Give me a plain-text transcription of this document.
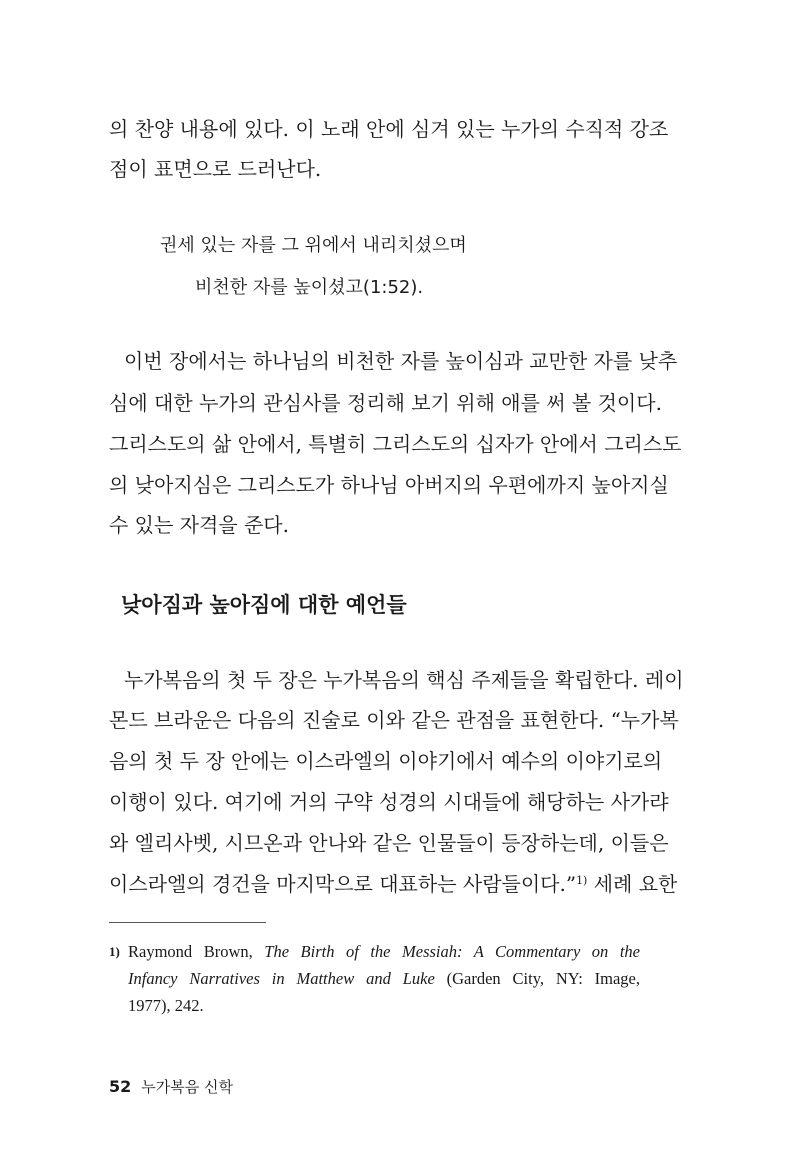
의 찬양 내용에 있다. 이 노래 안에 심겨 있는 누가의 수직적 강조

점이 표면으로 드러난다.

권세 있는 자를 그 위에서 내리치셨으며
비천한 자를 높이셨고(1:52).

이번 장에서는 하나님의 비천한 자를 높이심과 교만한 자를 낮추

심에 대한 누가의 관심사를 정리해 보기 위해 애를 써 볼 것이다.

그리스도의 삶 안에서, 특별히 그리스도의 십자가 안에서 그리스도

의 낮아지심은 그리스도가 하나님 아버지의 우편에까지 높아지실

수 있는 자격을 준다.

낮아짐과 높아짐에 대한 예언들

누가복음의 첫 두 장은 누가복음의 핵심 주제들을 확립한다. 레이

몬드 브라운은 다음의 진술로 이와 같은 관점을 표현한다. “누가복

음의 첫 두 장 안에는 이스라엘의 이야기에서 예수의 이야기로의

이행이 있다. 여기에 거의 구약 성경의 시대들에 해당하는 사가랴

와 엘리사벳, 시므온과 안나와 같은 인물들이 등장하는데, 이들은

이스라엘의 경건을 마지막으로 대표하는 사람들이다.”$^{1)}$ 세례 요한

1) Raymond Brown, The Birth of the Messiah: A Commentary on the
Infancy Narratives in Matthew and Luke (Garden City, NY: Image,
1977), 242.
52 누가복음 신학
